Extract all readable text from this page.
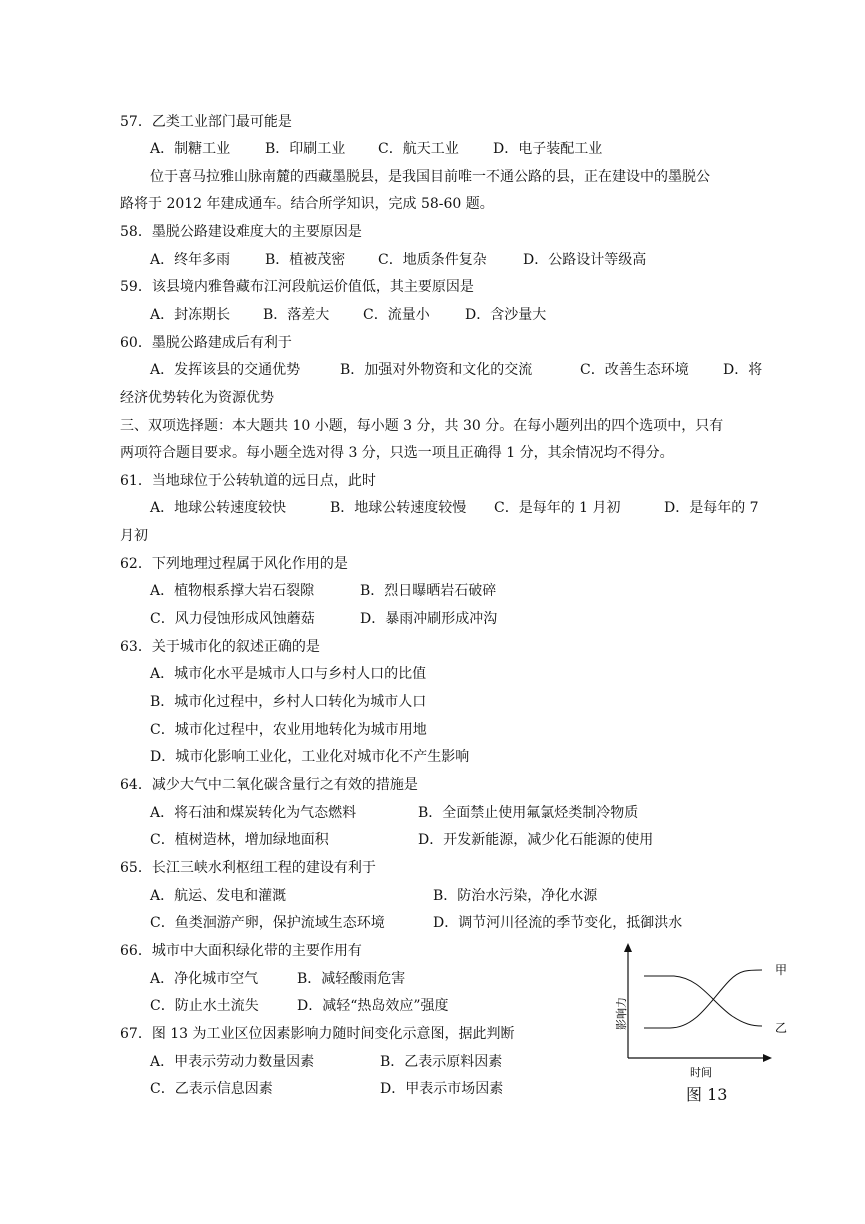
57．乙类工业部门最可能是
A．制糖工业 B．印刷工业 C．航天工业 D．电子装配工业
位于喜马拉雅山脉南麓的西藏墨脱县，是我国目前唯一不通公路的县，正在建设中的墨脱公
路将于 2012 年建成通车。结合所学知识，完成 58-60 题。
58．墨脱公路建设难度大的主要原因是
A．终年多雨 B．植被茂密 C．地质条件复杂	D．公路设计等级高
59．该县境内雅鲁藏布江河段航运价值低，其主要原因是
A．封冻期长 B．落差大 C．流量小	D．含沙量大
60．墨脱公路建成后有利于
A．发挥该县的交通优势	B．加强对外物资和文化的交流	C．改善生态环境 D．将
经济优势转化为资源优势
三、双项选择题：本大题共 10 小题，每小题 3 分，共 30 分。在每小题列出的四个选项中，只有
两项符合题目要求。每小题全选对得 3 分，只选一项且正确得 1 分，其余情况均不得分。
61．当地球位于公转轨道的远日点，此时
A．地球公转速度较快	B．地球公转速度较慢 C．是每年的 1 月初	D．是每年的 7
月初
62．下列地理过程属于风化作用的是
A．植物根系撑大岩石裂隙	B．烈日曝晒岩石破碎
C．风力侵蚀形成风蚀蘑菇	D．暴雨冲刷形成冲沟
63．关于城市化的叙述正确的是
A．城市化水平是城市人口与乡村人口的比值
B．城市化过程中，乡村人口转化为城市人口
C．城市化过程中，农业用地转化为城市用地
D．城市化影响工业化，工业化对城市化不产生影响
64．减少大气中二氧化碳含量行之有效的措施是
A．将石油和煤炭转化为气态燃料	B．全面禁止使用氟氯烃类制冷物质
C．植树造林，增加绿地面积	D．开发新能源，减少化石能源的使用
65．长江三峡水利枢纽工程的建设有利于
A．航运、发电和灌溉	B．防治水污染，净化水源
C．鱼类洄游产卵，保护流域生态环境	D．调节河川径流的季节变化，抵御洪水
66．城市中大面积绿化带的主要作用有
A．净化城市空气	B．减轻酸雨危害
C．防止水土流失	D．减轻“热岛效应”强度
67．图 13 为工业区位因素影响力随时间变化示意图，据此判断
A．甲表示劳动力数量因素	B．乙表示原料因素
C．乙表示信息因素	D．甲表示市场因素
甲
乙
影响力
时间
图 13
